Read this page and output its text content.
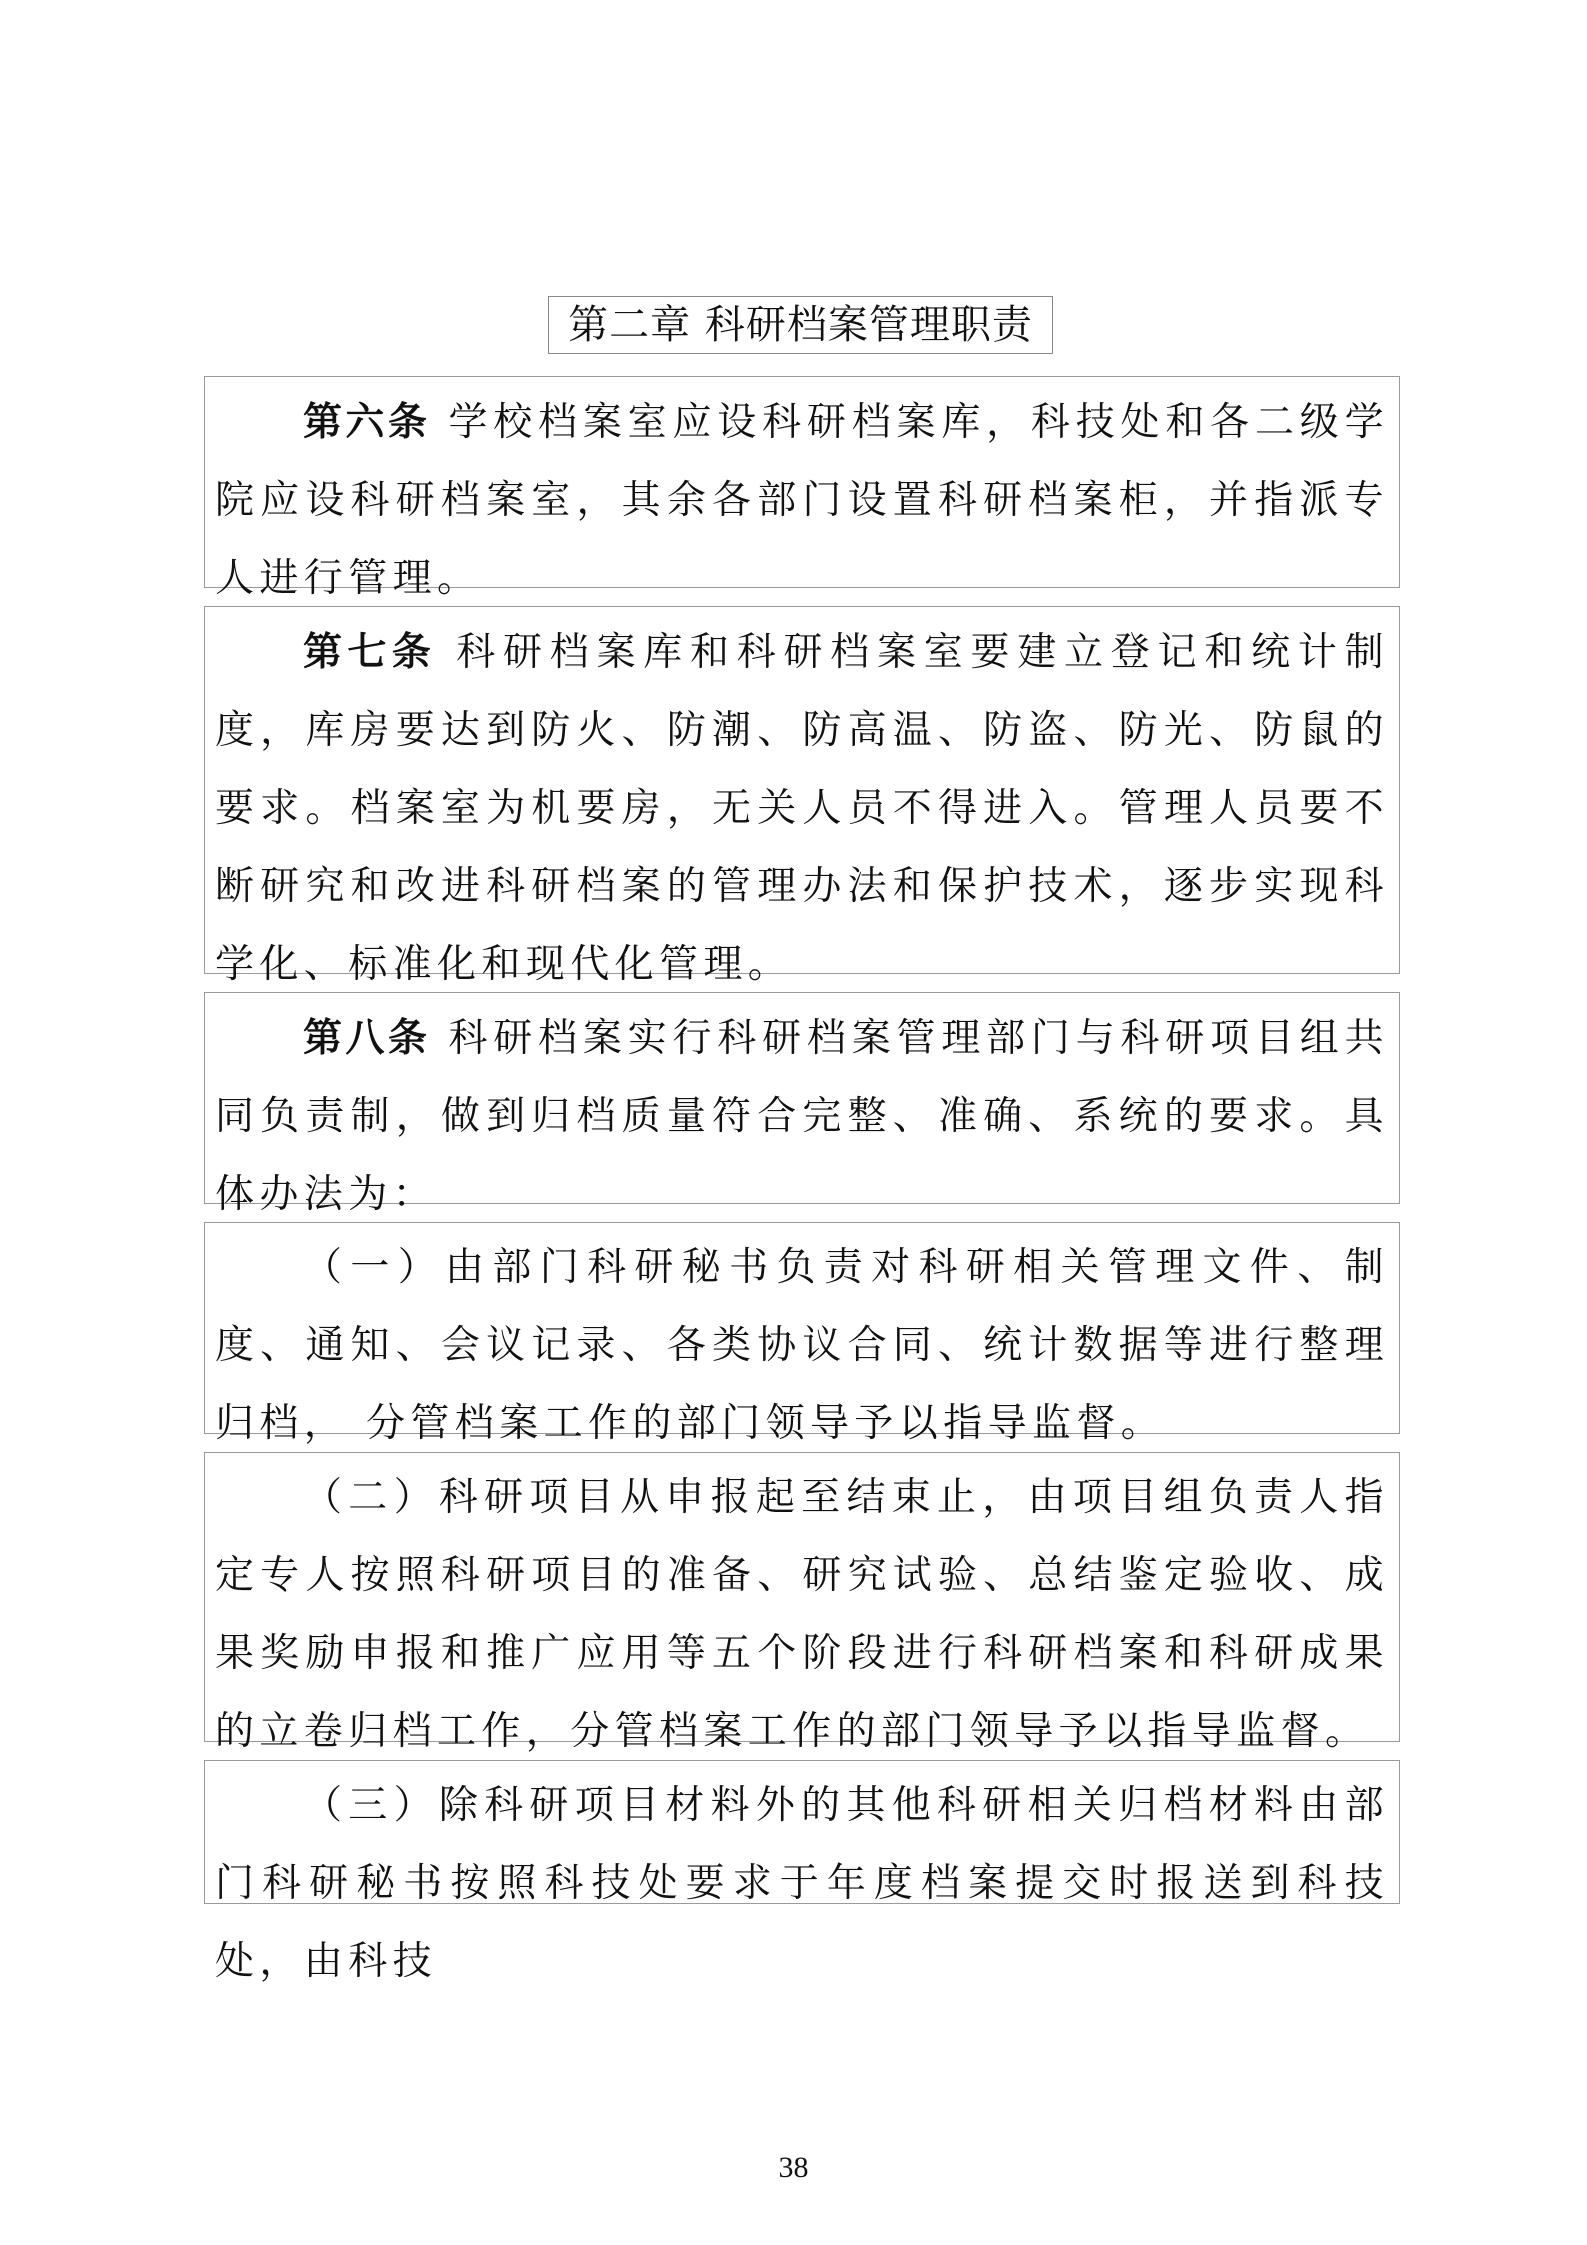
第二章 科研档案管理职责
第六条 学校档案室应设科研档案库，科技处和各二级学院应设科研档案室，其余各部门设置科研档案柜，并指派专人进行管理。
第七条 科研档案库和科研档案室要建立登记和统计制度，库房要达到防火、防潮、防高温、防盗、防光、防鼠的要求。档案室为机要房，无关人员不得进入。管理人员要不断研究和改进科研档案的管理办法和保护技术，逐步实现科学化、标准化和现代化管理。
第八条 科研档案实行科研档案管理部门与科研项目组共同负责制，做到归档质量符合完整、准确、系统的要求。具体办法为：
（一）由部门科研秘书负责对科研相关管理文件、制度、通知、会议记录、各类协议合同、统计数据等进行整理归档， 分管档案工作的部门领导予以指导监督。
（二）科研项目从申报起至结束止，由项目组负责人指定专人按照科研项目的准备、研究试验、总结鉴定验收、成果奖励申报和推广应用等五个阶段进行科研档案和科研成果的立卷归档工作，分管档案工作的部门领导予以指导监督。
（三）除科研项目材料外的其他科研相关归档材料由部门科研秘书按照科技处要求于年度档案提交时报送到科技处，由科技
38
